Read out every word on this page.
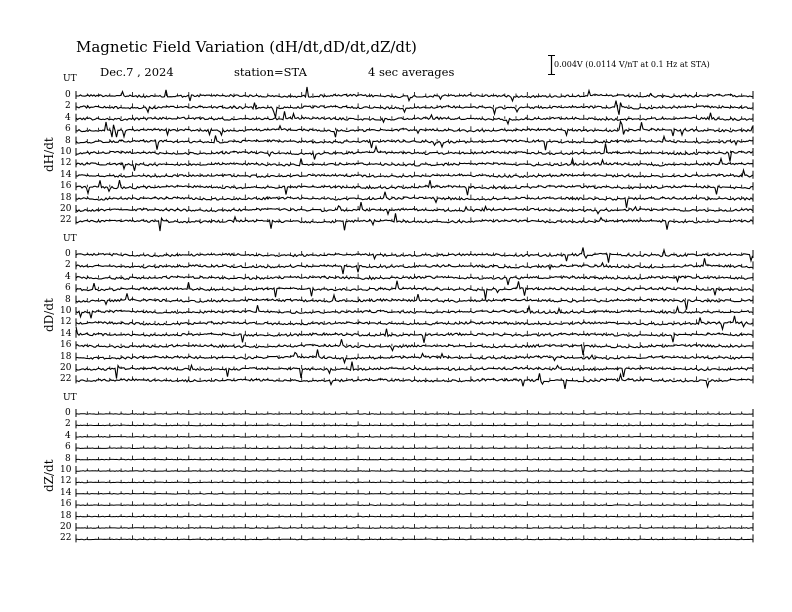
Magnetic Field Variation (dH/dt,dD/dt,dZ/dt)
Dec.7 , 2024	station=STA	4 sec averages
0.004V (0.0114 V/nT at 0.1 Hz at STA)
UT
dH/dt
0
2
4
6
8
10
12
14
16
18
20
22
UT
dD/dt
0
2
4
6
8
10
12
14
16
18
20
22
UT
dZ/dt
0
2
4
6
8
10
12
14
16
18
20
22
